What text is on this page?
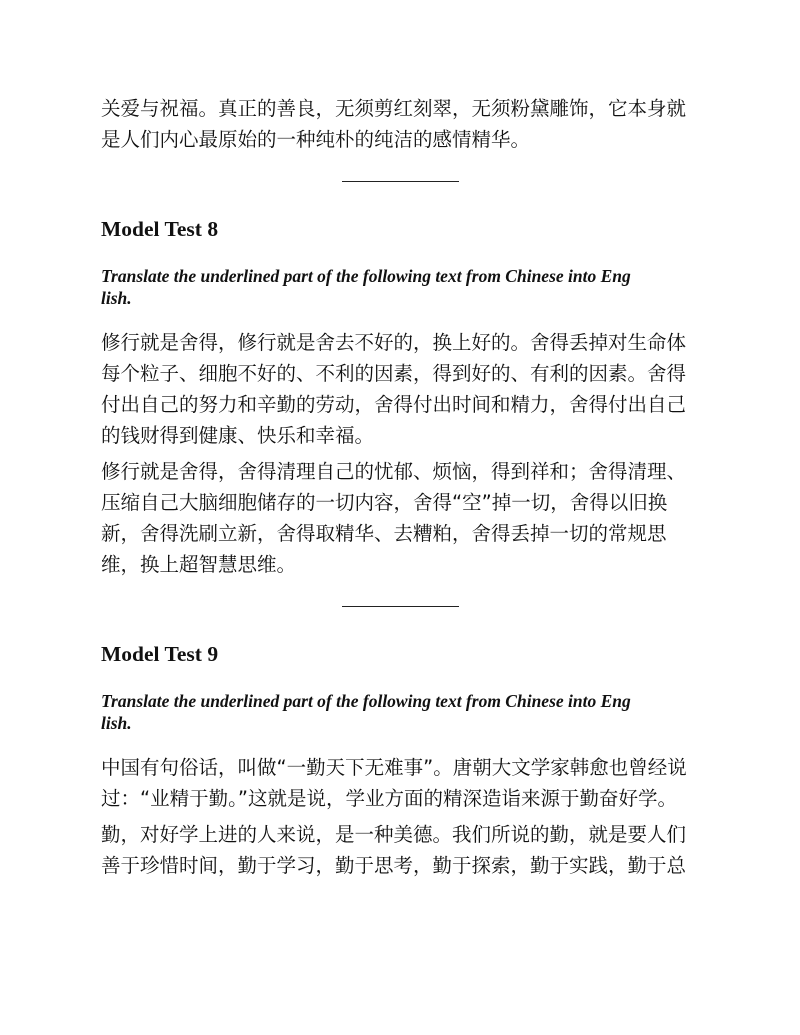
关爱与祝福。真正的善良，无须剪红刻翠，无须粉黛雕饰，它本身就
是人们内心最原始的一种纯朴的纯洁的感情精华。

Model Test 8

Translate the underlined part of the following text from Chinese into Eng
lish.

修行就是舍得，修行就是舍去不好的，换上好的。舍得丢掉对生命体
每个粒子、细胞不好的、不利的因素，得到好的、有利的因素。舍得
付出自己的努力和辛勤的劳动，舍得付出时间和精力，舍得付出自己
的钱财得到健康、快乐和幸福。

修行就是舍得，舍得清理自己的忧郁、烦恼，得到祥和；舍得清理、
压缩自己大脑细胞储存的一切内容，舍得“空”掉一切，舍得以旧换
新，舍得洗刷立新，舍得取精华、去糟粕，舍得丢掉一切的常规思
维，换上超智慧思维。

Model Test 9

Translate the underlined part of the following text from Chinese into Eng
lish.

中国有句俗话，叫做“一勤天下无难事”。唐朝大文学家韩愈也曾经说
过：“业精于勤。”这就是说，学业方面的精深造诣来源于勤奋好学。

勤，对好学上进的人来说，是一种美德。我们所说的勤，就是要人们
善于珍惜时间，勤于学习，勤于思考，勤于探索，勤于实践，勤于总
